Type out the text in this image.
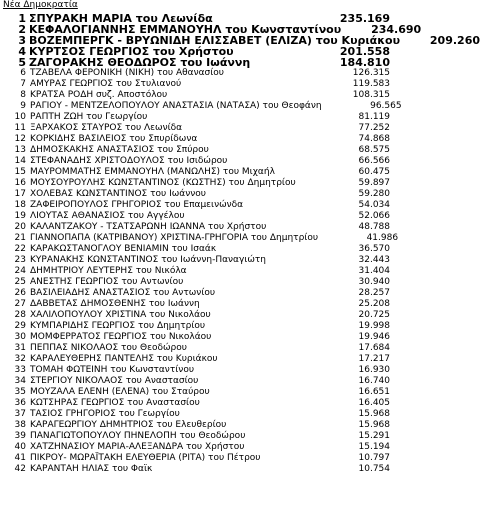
Νέα Δημοκρατία
1 ΣΠΥΡΑΚΗ ΜΑΡΙΑ του Λεωνίδα	235.169
2 ΚΕΦΑΛΟΓΙΑΝΝΗΣ ΕΜΜΑΝΟΥΗΛ του Κωνσταντίνου	234.690
3 ΒΟΖΕΜΠΕΡΓΚ - ΒΡΥΩΝΙΔΗ ΕΛΙΣΣΑΒΕΤ (ΕΛΙΖΑ) του Κυριάκου	209.260
4 ΚΥΡΤΣΟΣ ΓΕΩΡΓΙΟΣ του Χρήστου	201.558
5 ΖΑΓΟΡΑΚΗΣ ΘΕΟΔΩΡΟΣ του Ιωάννη	184.810
6 ΤΖΑΒΕΛΑ ΦΕΡΟΝΙΚΗ (ΝΙΚΗ) του Αθανασίου	126.315
7 ΑΜΥΡΑΣ ΓΕΩΡΓΙΟΣ του Στυλιανού	119.583
8 ΚΡΑΤΣΑ ΡΟΔΗ συζ. Αποστόλου	108.315
9 ΡΑΓΙΟΥ - ΜΕΝΤΖΕΛΟΠΟΥΛΟΥ ΑΝΑΣΤΑΣΙΑ (ΝΑΤΑΣΑ) του Θεοφάνη	96.565
10 ΡΑΠΤΗ ΖΩΗ του Γεωργίου	81.119
11 ΞΑΡΧΑΚΟΣ ΣΤΑΥΡΟΣ του Λεωνίδα	77.252
12 ΚΟΡΚΙΔΗΣ ΒΑΣΙΛΕΙΟΣ του Σπυρίδωνα	74.868
13 ΔΗΜΟΣΚΑΚΗΣ ΑΝΑΣΤΑΣΙΟΣ του Σπύρου	68.575
14 ΣΤΕΦΑΝΑΔΗΣ ΧΡΙΣΤΟΔΟΥΛΟΣ του Ισιδώρου	66.566
15 ΜΑΥΡΟΜΜΑΤΗΣ ΕΜΜΑΝΟΥΗΛ (ΜΑΝΩΛΗΣ) του Μιχαήλ	60.475
16 ΜΟΥΣΟΥΡΟΥΛΗΣ ΚΩΝΣΤΑΝΤΙΝΟΣ (ΚΩΣΤΗΣ) του Δημητρίου	59.897
17 ΧΟΛΕΒΑΣ ΚΩΝΣΤΑΝΤΙΝΟΣ του Ιωάννου	59.280
18 ΖΑΦΕΙΡΟΠΟΥΛΟΣ ΓΡΗΓΟΡΙΟΣ του Επαμεινώνδα	54.034
19 ΛΙΟΥΤΑΣ ΑΘΑΝΑΣΙΟΣ του Αγγέλου	52.066
20 ΚΑΛΑΝΤΖΑΚΟΥ - ΤΣΑΤΣΑΡΩΝΗ ΙΩΑΝΝΑ του Χρήστου	48.788
21 ΓΙΑΝΝΟΠΑΠΑ (ΚΑΤΡΙΒΑΝΟΥ) ΧΡΙΣΤΙΝΑ-ΓΡΗΓΟΡΙΑ του Δημητρίου	41.986
22 ΚΑΡΑΚΩΣΤΑΝΟΓΛΟΥ ΒΕΝΙΑΜΙΝ του Ισαάκ	36.570
23 ΚΥΡΑΝΑΚΗΣ ΚΩΝΣΤΑΝΤΙΝΟΣ του Ιωάννη-Παναγιώτη	32.443
24 ΔΗΜΗΤΡΙΟΥ ΛΕΥΤΕΡΗΣ του Νικόλα	31.404
25 ΑΝΕΣΤΗΣ ΓΕΩΡΓΙΟΣ του Αντωνίου	30.940
26 ΒΑΣΙΛΕΙΑΔΗΣ ΑΝΑΣΤΑΣΙΟΣ του Αντωνίου	28.257
27 ΔΑΒΒΕΤΑΣ ΔΗΜΟΣΘΕΝΗΣ του Ιωάννη	25.208
28 ΧΑΛΙΛΟΠΟΥΛΟΥ ΧΡΙΣΤΙΝΑ του Νικολάου	20.725
29 ΚΥΜΠΑΡΙΔΗΣ ΓΕΩΡΓΙΟΣ του Δημητρίου	19.998
30 ΜΟΜΦΕΡΡΑΤΟΣ ΓΕΩΡΓΙΟΣ του Νικολάου	19.946
31 ΠΕΠΠΑΣ ΝΙΚΟΛΑΟΣ του Θεοδώρου	17.684
32 ΚΑΡΑΛΕΥΘΕΡΗΣ ΠΑΝΤΕΛΗΣ του Κυριάκου	17.217
33 ΤΟΜΑΗ ΦΩΤΕΙΝΗ του Κωνσταντίνου	16.930
34 ΣΤΕΡΓΙΟΥ ΝΙΚΟΛΑΟΣ του Αναστασίου	16.740
35 ΜΟΥΖΑΛΑ ΕΛΕΝΗ (ΕΛΕΝΑ) του Σταύρου	16.651
36 ΚΩΤΣΗΡΑΣ ΓΕΩΡΓΙΟΣ του Αναστασίου	16.405
37 ΤΑΣΙΟΣ ΓΡΗΓΟΡΙΟΣ του Γεωργίου	15.968
38 ΚΑΡΑΓΕΩΡΓΙΟΥ ΔΗΜΗΤΡΙΟΣ του Ελευθερίου	15.968
39 ΠΑΝΑΓΙΩΤΟΠΟΥΛΟΥ ΠΗΝΕΛΟΠΗ του Θεοδώρου	15.291
40 ΧΑΤΖΗΝΑΣΙΟΥ ΜΑΡΙΑ-ΑΛΕΞΑΝΔΡΑ του Χρήστου	15.194
41 ΠΙΚΡΟΥ- ΜΩΡΑΪΤΑΚΗ ΕΛΕΥΘΕΡΙΑ (ΡΙΤΑ) του Πέτρου	10.797
42 ΚΑΡΑΝΤΑΗ ΗΛΙΑΣ του Φαϊκ	10.754
